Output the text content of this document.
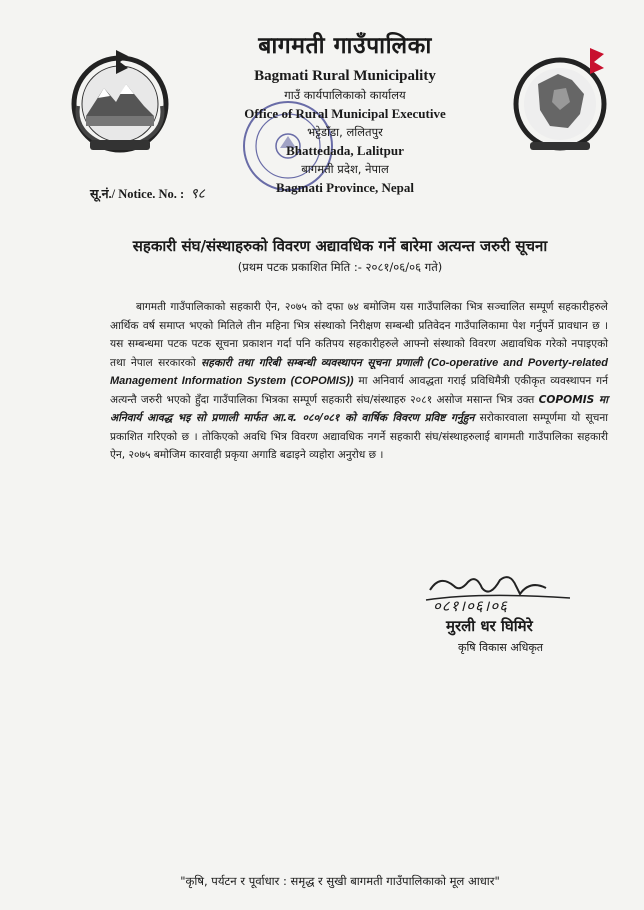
बागमती गाउँपालिका
Bagmati Rural Municipality
गाउँ कार्यपालिकाको कार्यालय
Office of Rural Municipal Executive
भट्टेडाँडा, ललितपुर
Bhattedada, Lalitpur
बागमती प्रदेश, नेपाल
Bagmati Province, Nepal
सू.नं./ Notice. No. : ९८
सहकारी संघ/संस्थाहरुको विवरण अद्यावधिक गर्ने बारेमा अत्यन्त जरुरी सूचना
(प्रथम पटक प्रकाशित मिति :- २०८१/०६/०६ गते)

बागमती गाउँपालिकाको सहकारी ऐन, २०७५ को दफा ७४ बमोजिम यस गाउँपालिका भित्र सञ्चालित सम्पूर्ण सहकारीहरुले आर्थिक वर्ष समाप्त भएको मितिले तीन महिना भित्र संस्थाको निरीक्षण सम्बन्धी प्रतिवेदन गाउँपालिकामा पेश गर्नुपर्ने प्रावधान छ । यस सम्बन्धमा पटक पटक सूचना प्रकाशन गर्दा पनि कतिपय सहकारीहरुले आफ्नो संस्थाको विवरण अद्यावधिक गरेको नपाइएको तथा नेपाल सरकारको सहकारी तथा गरिबी सम्बन्धी व्यवस्थापन सूचना प्रणाली (Co-operative and Poverty-related Management Information System (COPOMIS)) मा अनिवार्य आवद्धता गराई प्रविधिमैत्री एकीकृत व्यवस्थापन गर्न अत्यन्तै जरुरी भएको हुँदा गाउँपालिका भित्रका सम्पूर्ण सहकारी संघ/संस्थाहरु २०८१ असोज मसान्त भित्र उक्त COPOMIS मा अनिवार्य आवद्ध भइ सो प्रणाली मार्फत आ.व. ०८०/०८१ को वार्षिक विवरण प्रविष्ट गर्नुहुन सरोकारवाला सम्पूर्णमा यो सूचना प्रकाशित गरिएको छ । तोकिएको अवधि भित्र विवरण अद्यावधिक नगर्ने सहकारी संघ/संस्थाहरुलाई बागमती गाउँपालिका सहकारी ऐन, २०७५ बमोजिम कारवाही प्रकृया अगाडि बढाइने व्यहोरा अनुरोध छ ।

०८१।०६।०६
मुरली धर घिमिरे
कृषि विकास अधिकृत
"कृषि, पर्यटन र पूर्वाधार : समृद्ध र सुखी बागमती गाउँपालिकाको मूल आधार"
